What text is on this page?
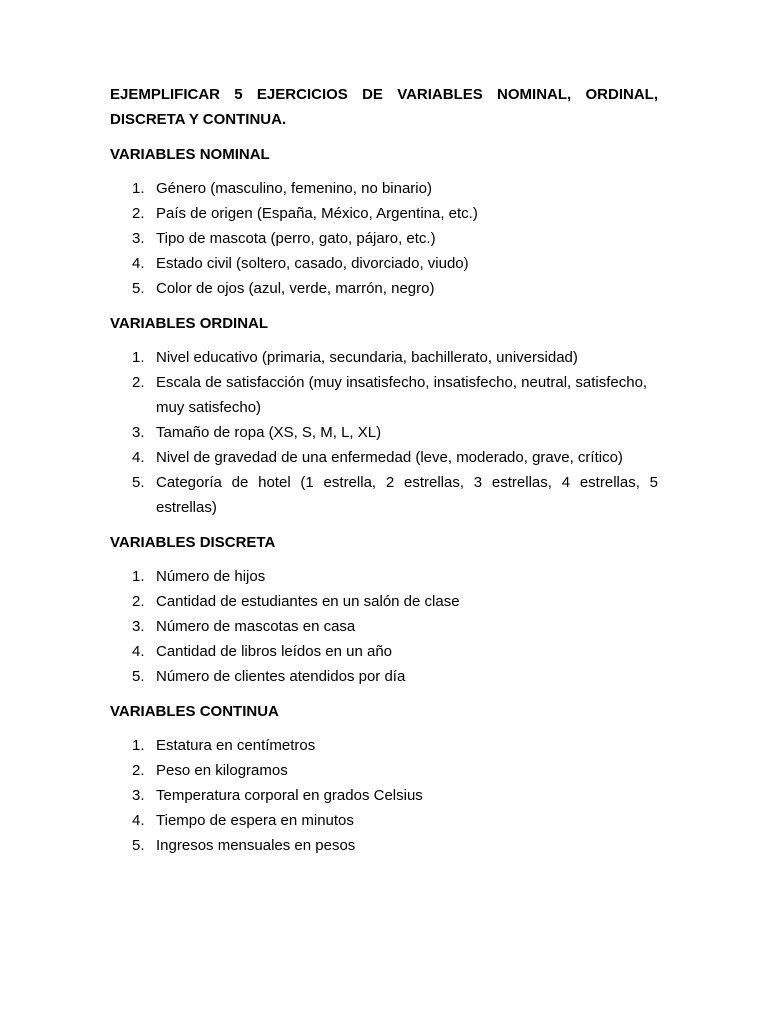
EJEMPLIFICAR 5 EJERCICIOS DE VARIABLES NOMINAL, ORDINAL, DISCRETA Y CONTINUA.

VARIABLES NOMINAL

1. Género (masculino, femenino, no binario)
2. País de origen (España, México, Argentina, etc.)
3. Tipo de mascota (perro, gato, pájaro, etc.)
4. Estado civil (soltero, casado, divorciado, viudo)
5. Color de ojos (azul, verde, marrón, negro)

VARIABLES ORDINAL

1. Nivel educativo (primaria, secundaria, bachillerato, universidad)
2. Escala de satisfacción (muy insatisfecho, insatisfecho, neutral, satisfecho, muy satisfecho)
3. Tamaño de ropa (XS, S, M, L, XL)
4. Nivel de gravedad de una enfermedad (leve, moderado, grave, crítico)
5. Categoría de hotel (1 estrella, 2 estrellas, 3 estrellas, 4 estrellas, 5 estrellas)

VARIABLES DISCRETA

1. Número de hijos
2. Cantidad de estudiantes en un salón de clase
3. Número de mascotas en casa
4. Cantidad de libros leídos en un año
5. Número de clientes atendidos por día

VARIABLES CONTINUA

1. Estatura en centímetros
2. Peso en kilogramos
3. Temperatura corporal en grados Celsius
4. Tiempo de espera en minutos
5. Ingresos mensuales en pesos
